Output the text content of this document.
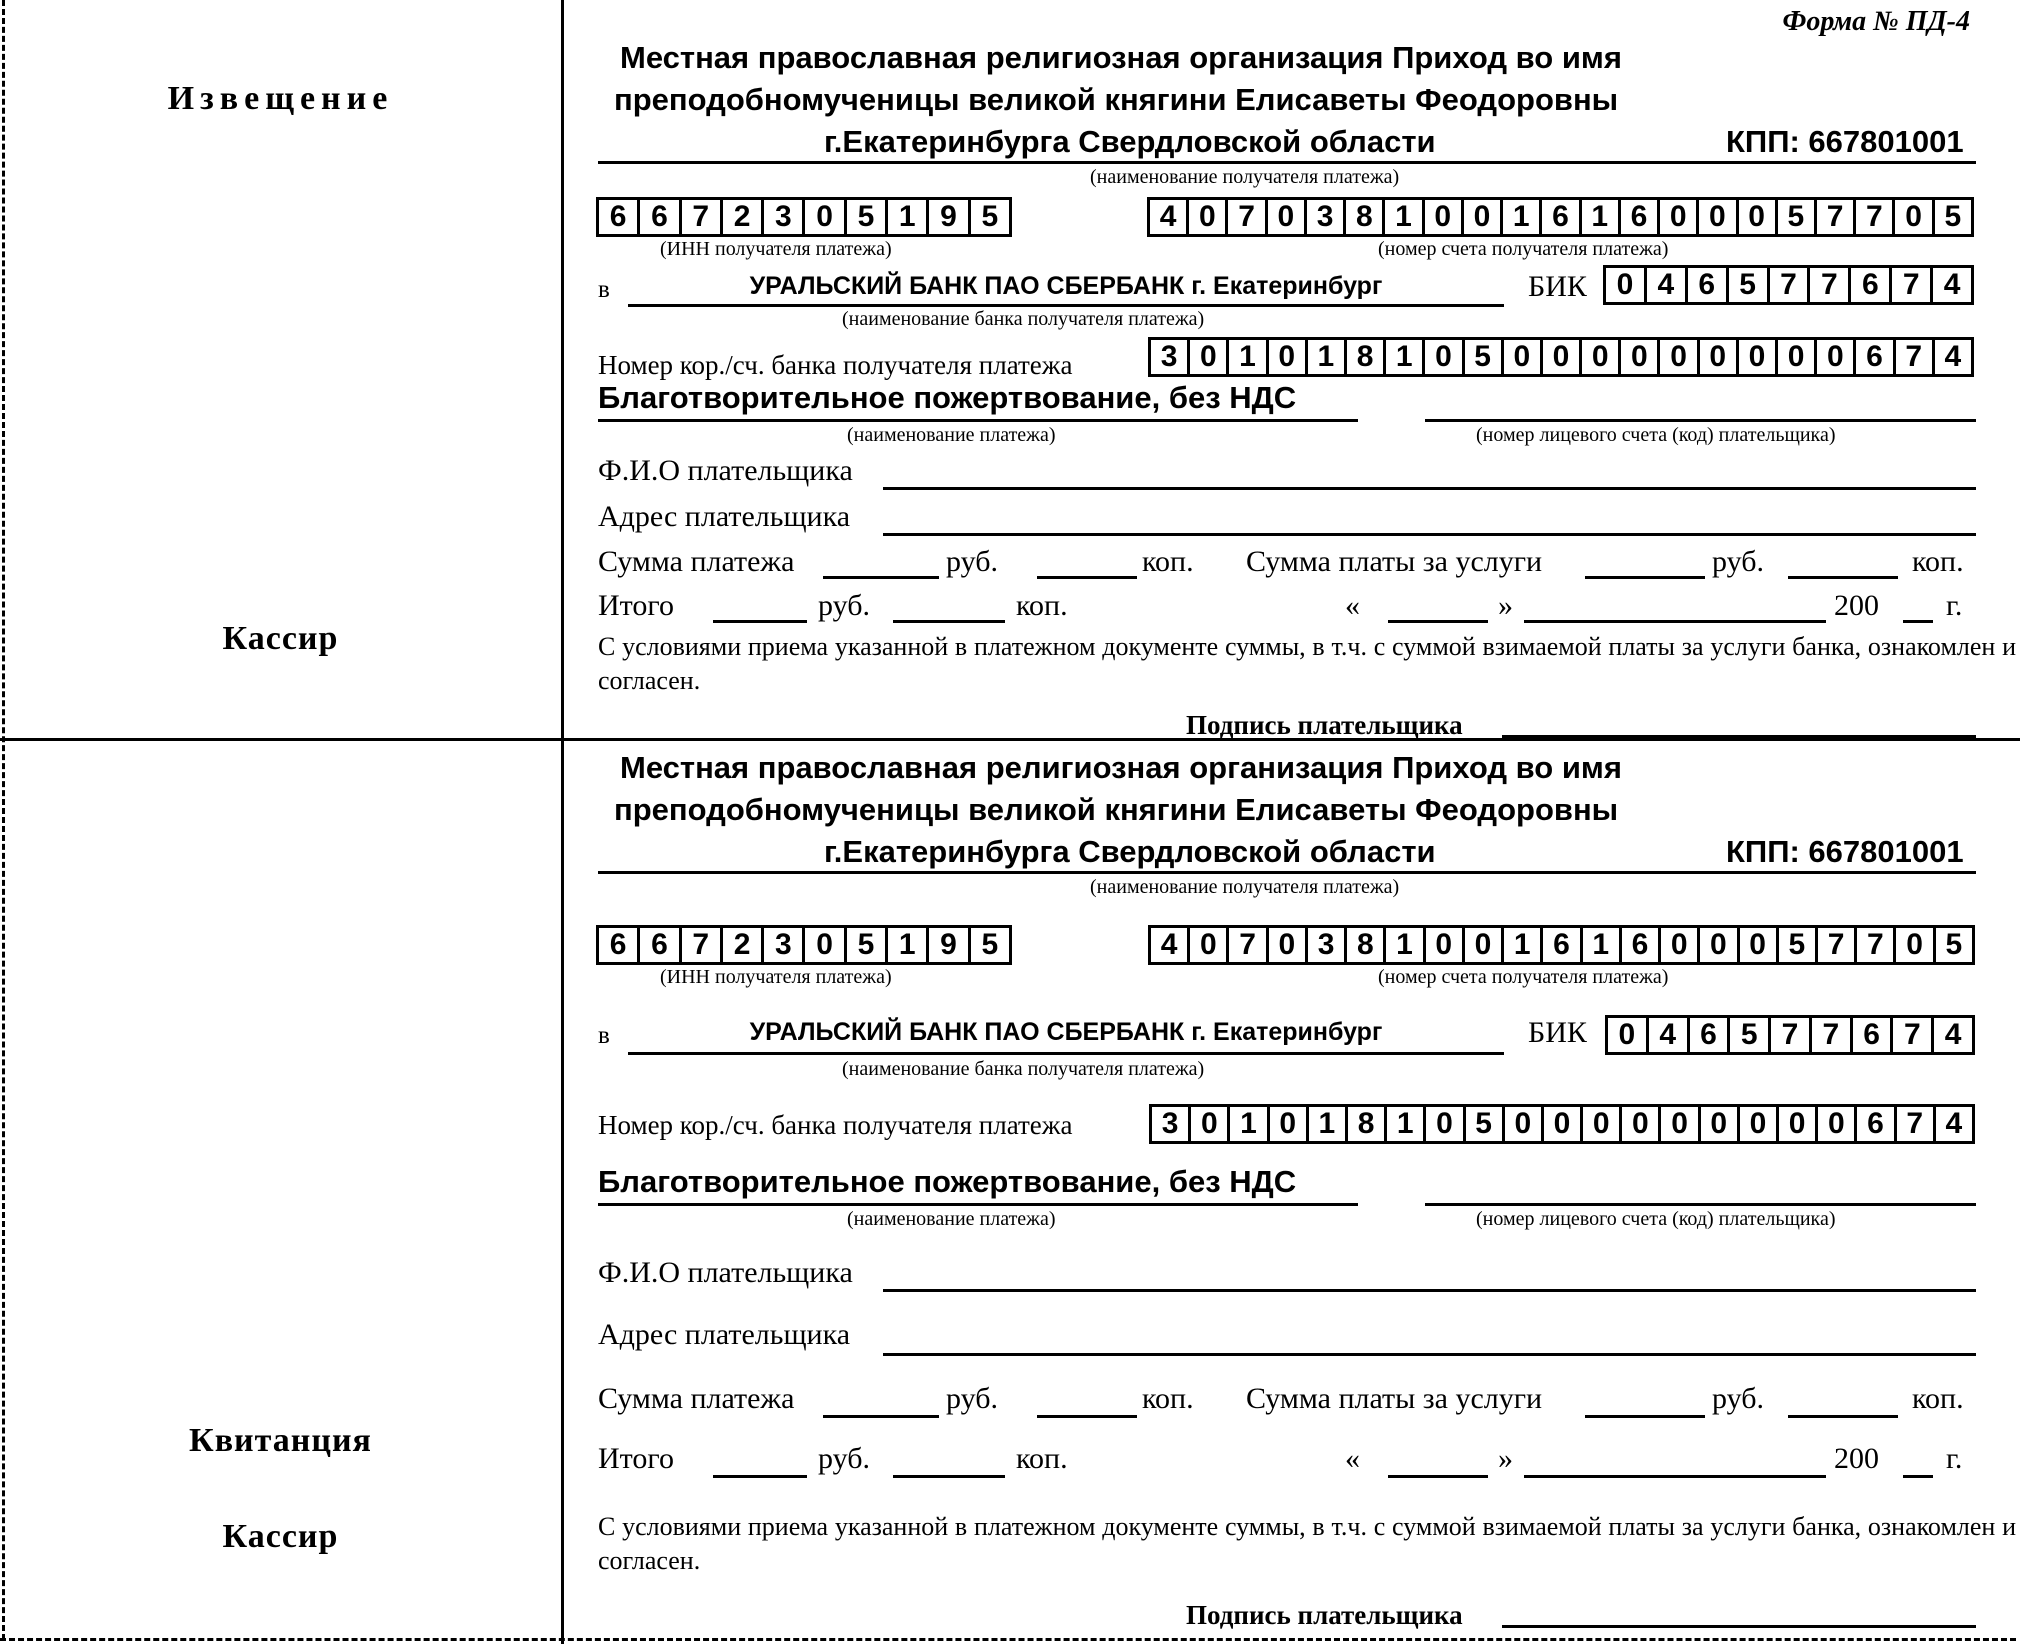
Форма № ПД-4
Извещение
Кассир
Местная православная религиозная организация Приход во имя
преподобномученицы великой княгини Елисаветы Феодоровны
г.Екатеринбурга Свердловской области	КПП: 667801001
(наименование получателя платежа)
6 6 7 2 3 0 5 1 9 5
(ИНН получателя платежа)
4 0 7 0 3 8 1 0 0 1 6 1 6 0 0 0 5 7 7 0 5
(номер счета получателя платежа)
в	УРАЛЬСКИЙ БАНК ПАО СБЕРБАНК г. Екатеринбург	БИК 0 4 6 5 7 7 6 7 4
(наименование банка получателя платежа)
Номер кор./сч. банка получателя платежа	3 0 1 0 1 8 1 0 5 0 0 0 0 0 0 0 0 0 6 7 4
Благотворительное пожертвование, без НДС
(наименование платежа)	(номер лицевого счета (код) плательщика)
Ф.И.О плательщика
Адрес плательщика
Сумма платежа	руб.	коп. Сумма платы за услуги	руб.	коп.
Итого	руб.	коп.	«	»	200 г.
С условиями приема указанной в платежном документе суммы, в т.ч. с суммой взимаемой платы за услуги банка, ознакомлен и согласен.
Подпись плательщика
Квитанция
Кассир
Местная православная религиозная организация Приход во имя
преподобномученицы великой княгини Елисаветы Феодоровны
г.Екатеринбурга Свердловской области	КПП: 667801001
(наименование получателя платежа)
6 6 7 2 3 0 5 1 9 5
(ИНН получателя платежа)
4 0 7 0 3 8 1 0 0 1 6 1 6 0 0 0 5 7 7 0 5
(номер счета получателя платежа)
в	УРАЛЬСКИЙ БАНК ПАО СБЕРБАНК г. Екатеринбург	БИК	0 4 6 5 7 7 6 7 4
(наименование банка получателя платежа)
Номер кор./сч. банка получателя платежа	3 0 1 0 1 8 1 0 5 0 0 0 0 0 0 0 0 0 6 7 4
Благотворительное пожертвование, без НДС
(наименование платежа)	(номер лицевого счета (код) плательщика)
Ф.И.О плательщика
Адрес плательщика
Сумма платежа	руб.	коп. Сумма платы за услуги	руб.	коп.
Итого	руб.	коп.	«	»	200 г.
С условиями приема указанной в платежном документе суммы, в т.ч. с суммой взимаемой платы за услуги банка, ознакомлен и согласен.
Подпись плательщика
